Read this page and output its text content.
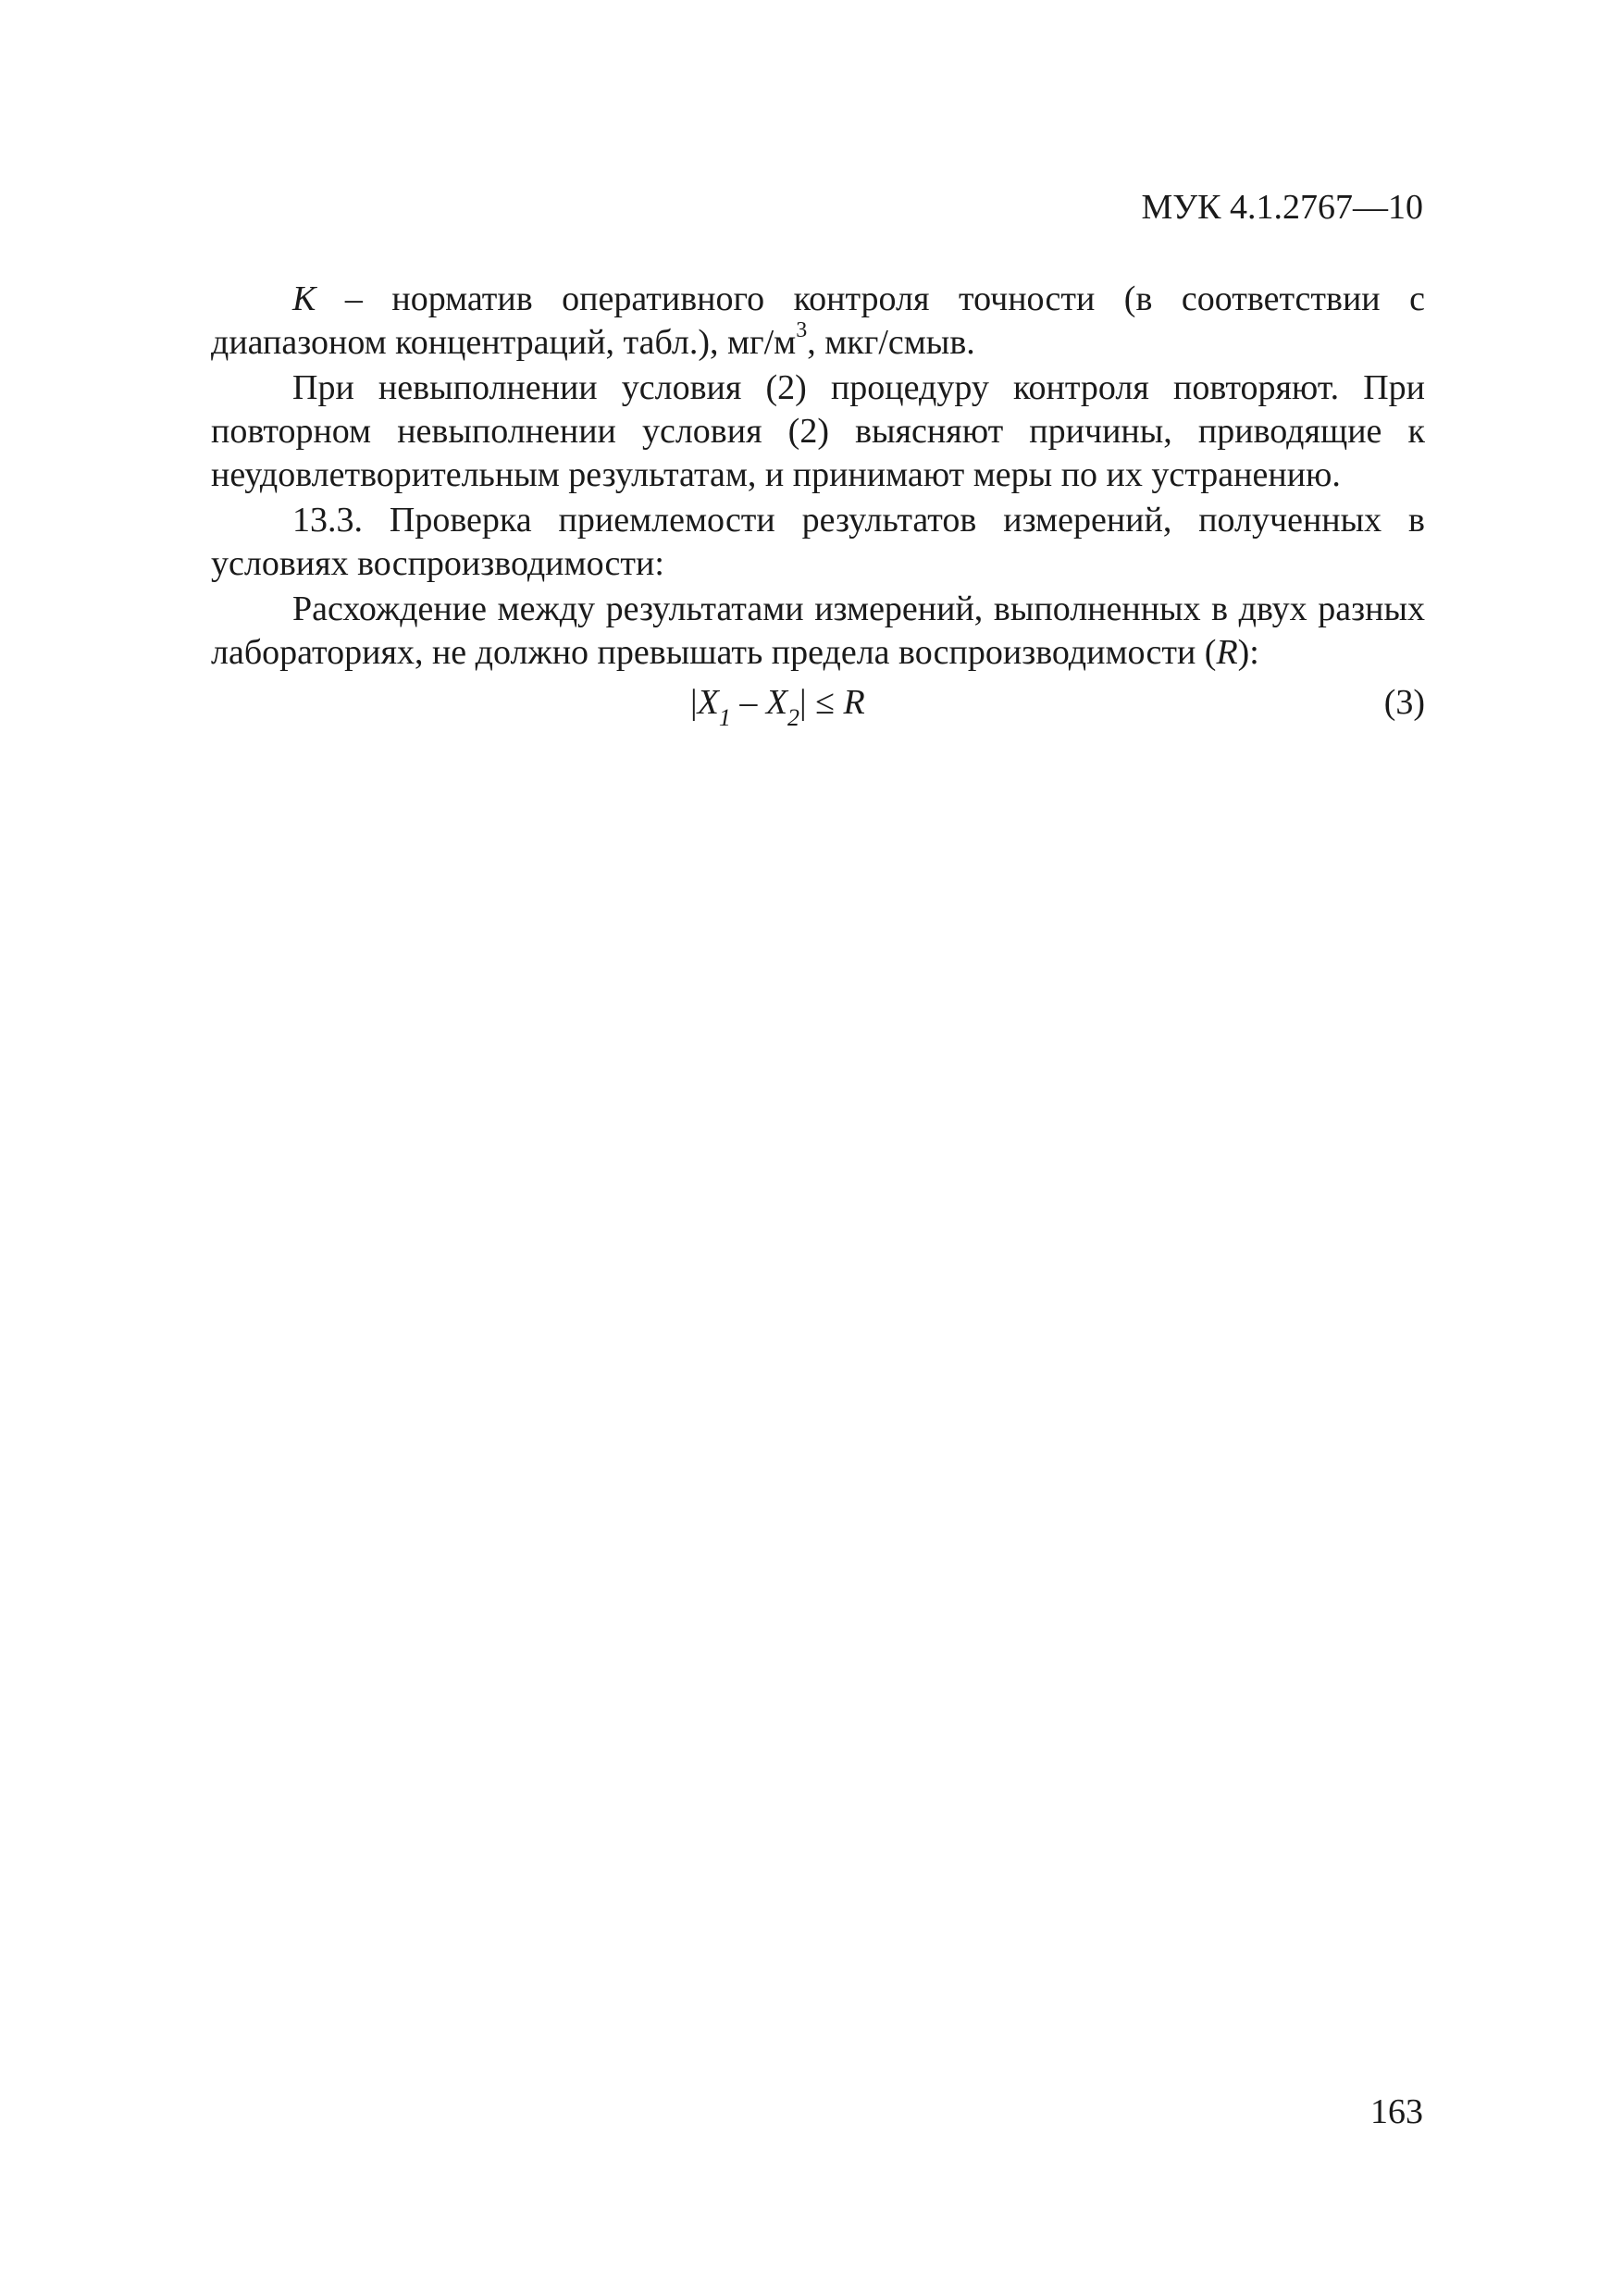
МУК 4.1.2767—10

K – норматив оперативного контроля точности (в соответствии с диапазоном концентраций, табл.), $мг/м^3$, мкг/смыв.

При невыполнении условия (2) процедуру контроля повторяют. При повторном невыполнении условия (2) выясняют причины, приводящие к неудовлетворительным результатам, и принимают меры по их устранению.

13.3. Проверка приемлемости результатов измерений, полученных в условиях воспроизводимости:

Расхождение между результатами измерений, выполненных в двух разных лабораториях, не должно превышать предела воспроизводимости (R):

$|X_1 - X_2| \le R$	(3)
163
